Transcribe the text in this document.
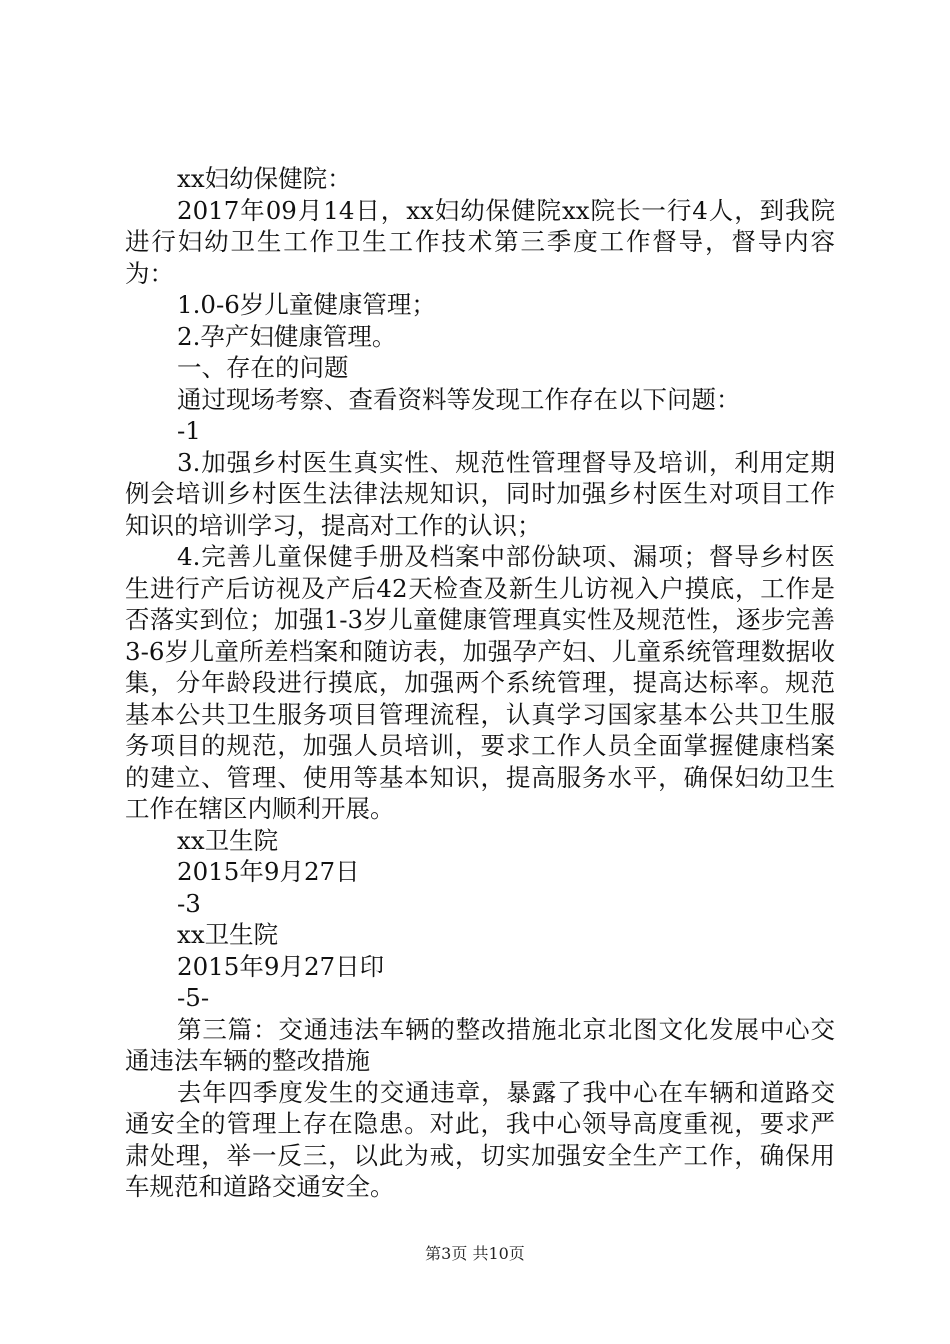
xx妇幼保健院：

2017年09月14日，xx妇幼保健院xx院长一行4人，到我院进行妇幼卫生工作卫生工作技术第三季度工作督导，督导内容为：

1.0-6岁儿童健康管理；

2.孕产妇健康管理。

一、存在的问题

通过现场考察、查看资料等发现工作存在以下问题：

-1

3.加强乡村医生真实性、规范性管理督导及培训，利用定期例会培训乡村医生法律法规知识，同时加强乡村医生对项目工作知识的培训学习，提高对工作的认识；

4.完善儿童保健手册及档案中部份缺项、漏项；督导乡村医生进行产后访视及产后42天检查及新生儿访视入户摸底，工作是否落实到位；加强1-3岁儿童健康管理真实性及规范性，逐步完善3-6岁儿童所差档案和随访表，加强孕产妇、儿童系统管理数据收集，分年龄段进行摸底，加强两个系统管理，提高达标率。规范基本公共卫生服务项目管理流程，认真学习国家基本公共卫生服务项目的规范，加强人员培训，要求工作人员全面掌握健康档案的建立、管理、使用等基本知识，提高服务水平，确保妇幼卫生工作在辖区内顺利开展。

xx卫生院

2015年9月27日

-3

xx卫生院

2015年9月27日印

-5-

第三篇：交通违法车辆的整改措施北京北图文化发展中心交通违法车辆的整改措施

去年四季度发生的交通违章，暴露了我中心在车辆和道路交通安全的管理上存在隐患。对此，我中心领导高度重视，要求严肃处理，举一反三，以此为戒，切实加强安全生产工作，确保用车规范和道路交通安全。

第3页 共10页
